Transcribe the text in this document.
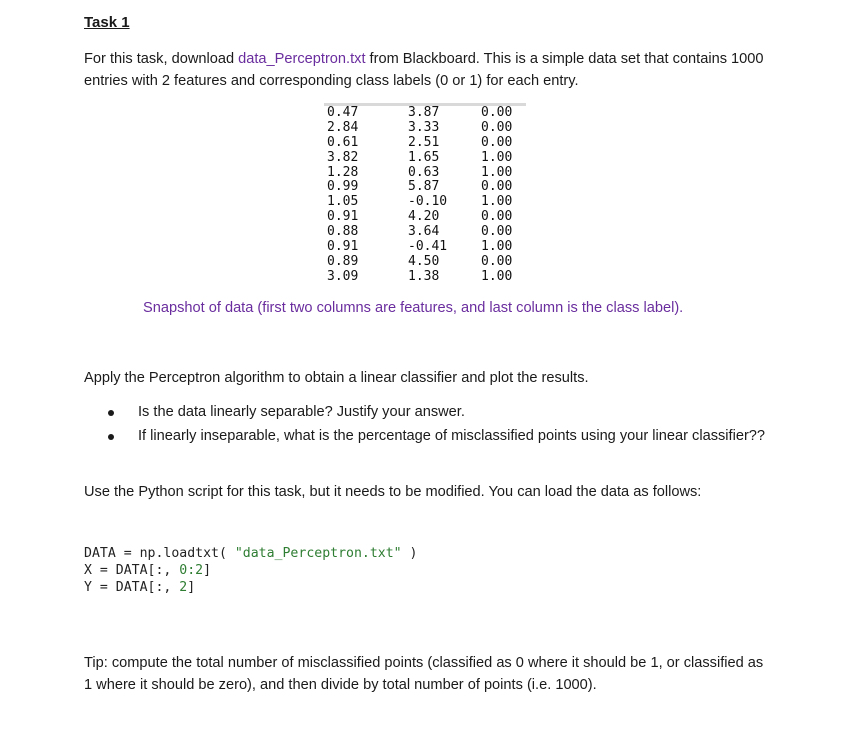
Task 1
For this task, download data_Perceptron.txt from Blackboard. This is a simple data set that contains 1000 entries with 2 features and corresponding class labels (0 or 1) for each entry.
0.47	3.87	0.00
2.84	3.33	0.00
0.61	2.51	0.00
3.82	1.65	1.00
1.28	0.63	1.00
0.99	5.87	0.00
1.05	-0.10	1.00
0.91	4.20	0.00
0.88	3.64	0.00
0.91	-0.41	1.00
0.89	4.50	0.00
3.09	1.38	1.00
Snapshot of data (first two columns are features, and last column is the class label).
Apply the Perceptron algorithm to obtain a linear classifier and plot the results.
Is the data linearly separable? Justify your answer.
If linearly inseparable, what is the percentage of misclassified points using your linear classifier??
Use the Python script for this task, but it needs to be modified. You can load the data as follows:
DATA = np.loadtxt( "data_Perceptron.txt" )
X = DATA[:, 0:2]
Y = DATA[:, 2]
Tip: compute the total number of misclassified points (classified as 0 where it should be 1, or classified as 1 where it should be zero), and then divide by total number of points (i.e. 1000).
